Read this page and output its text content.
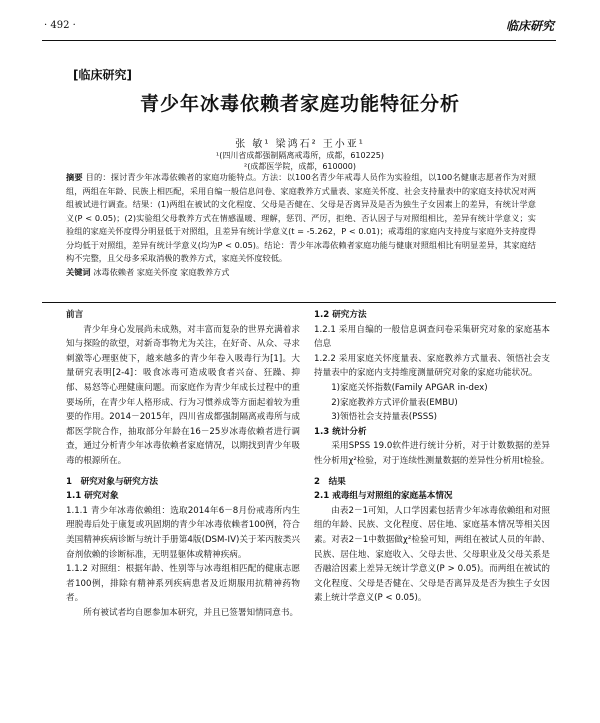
· 492 ·	临床研究
[临床研究]
青少年冰毒依赖者家庭功能特征分析
张 敏¹ 梁鸿石² 王小亚¹
¹(四川省成都强制隔离戒毒所，成都，610225)
²(成都医学院，成都，610000)
摘要 目的：探讨青少年冰毒依赖者的家庭功能特点。方法：以100名青少年戒毒人员作为实验组，以100名健康志愿者作为对照组，两组在年龄、民族上相匹配，采用自编一般信息问卷、家庭教养方式量表、家庭关怀度、社会支持量表中的家庭支持状况对两组被试进行调查。结果：(1)两组在被试的文化程度、父母是否健在、父母是否离异及是否为独生子女因素上的差异，有统计学意义(P < 0.05)；(2)实验组父母教养方式在情感温暖、理解，惩罚、严厉，拒绝、否认因子与对照组相比，差异有统计学意义；实验组的家庭关怀度得分明显低于对照组，且差异有统计学意义(t = -5.262，P < 0.01)；戒毒组的家庭内支持度与家庭外支持度得分均低于对照组，差异有统计学意义(均为P < 0.05)。结论：青少年冰毒依赖者家庭功能与健康对照组相比有明显差异，其家庭结构不完整，且父母多采取消极的教养方式，家庭关怀度较低。
关键词 冰毒依赖者 家庭关怀度 家庭教养方式

前言

青少年身心发展尚未成熟，对丰富而复杂的世界充满着求知与探险的欲望，对新奇事物尤为关注，在好奇、从众、寻求刺激等心理驱使下，越来越多的青少年卷入吸毒行为[1]。大量研究表明[2-4]：吸食冰毒可造成吸食者兴奋、狂躁、抑郁、易怒等心理健康问题。而家庭作为青少年成长过程中的重要场所，在青少年人格形成、行为习惯养成等方面起着较为重要的作用。2014－2015年，四川省成都强制隔离戒毒所与成都医学院合作，抽取部分年龄在16－25岁冰毒依赖者进行调查，通过分析青少年冰毒依赖者家庭情况，以期找到青少年吸毒的根源所在。

1　研究对象与研究方法

1.1 研究对象

1.1.1 青少年冰毒依赖组：选取2014年6－8月份戒毒所内生理脱毒后处于康复或巩固期的青少年冰毒依赖者100例，符合美国精神疾病诊断与统计手册第4版(DSM-IV)关于苯丙胺类兴奋剂依赖的诊断标准，无明显躯体或精神疾病。

1.1.2 对照组：根据年龄、性别等与冰毒组相匹配的健康志愿者100例，排除有精神系列疾病患者及近期服用抗精神药物者。

所有被试者均自愿参加本研究，并且已签署知情同意书。

1.2 研究方法

1.2.1 采用自编的一般信息调查问卷采集研究对象的家庭基本信息

1.2.2 采用家庭关怀度量表、家庭教养方式量表、领悟社会支持量表中的家庭内支持维度测量研究对象的家庭功能状况。

1)家庭关怀指数(Family APGAR in-dex)

2)家庭教养方式评价量表(EMBU)

3)领悟社会支持量表(PSSS)

1.3 统计分析

采用SPSS 19.0软件进行统计分析，对于计数数据的差异性分析用χ²检验，对于连续性测量数据的差异性分析用t检验。

2　结果

2.1 戒毒组与对照组的家庭基本情况

由表2－1可知，人口学因素包括青少年冰毒依赖组和对照组的年龄、民族、文化程度、居住地、家庭基本情况等相关因素。对表2－1中数据做χ²检验可知，两组在被试人员的年龄、民族、居住地、家庭收入、父母去世、父母职业及父母关系是否融洽因素上差异无统计学意义(P > 0.05)。而两组在被试的文化程度、父母是否健在、父母是否离异及是否为独生子女因素上统计学意义(P < 0.05)。
